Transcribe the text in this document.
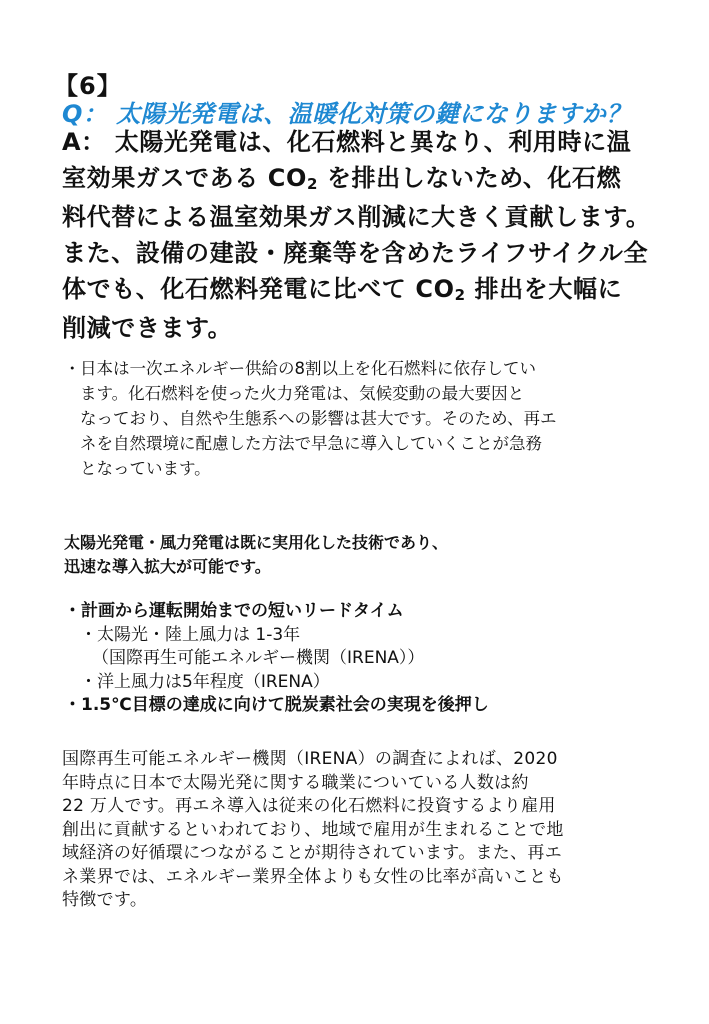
【6】
Q： 太陽光発電は、温暖化対策の鍵になりますか？
A： 太陽光発電は、化石燃料と異なり、利用時に温
室効果ガスである CO2 を排出しないため、化石燃
料代替による温室効果ガス削減に大きく貢献します。
また、設備の建設・廃棄等を含めたライフサイクル全
体でも、化石燃料発電に比べて CO2 排出を大幅に
削減できます。
・日本は一次エネルギー供給の8割以上を化石燃料に依存してい
ます。化石燃料を使った火力発電は、気候変動の最大要因と
なっており、自然や生態系への影響は甚大です。そのため、再エ
ネを自然環境に配慮した方法で早急に導入していくことが急務
となっています。
太陽光発電・風力発電は既に実用化した技術であり、
迅速な導入拡大が可能です。
・計画から運転開始までの短いリードタイム
・太陽光・陸上風力は 1-3年
（国際再生可能エネルギー機関（IRENA））
・洋上風力は5年程度（IRENA）
・1.5℃目標の達成に向けて脱炭素社会の実現を後押し
国際再生可能エネルギー機関（IRENA）の調査によれば、2020
年時点に日本で太陽光発に関する職業についている人数は約
22 万人です。再エネ導入は従来の化石燃料に投資するより雇用
創出に貢献するといわれており、地域で雇用が生まれることで地
域経済の好循環につながることが期待されています。また、再エ
ネ業界では、エネルギー業界全体よりも女性の比率が高いことも
特徴です。
